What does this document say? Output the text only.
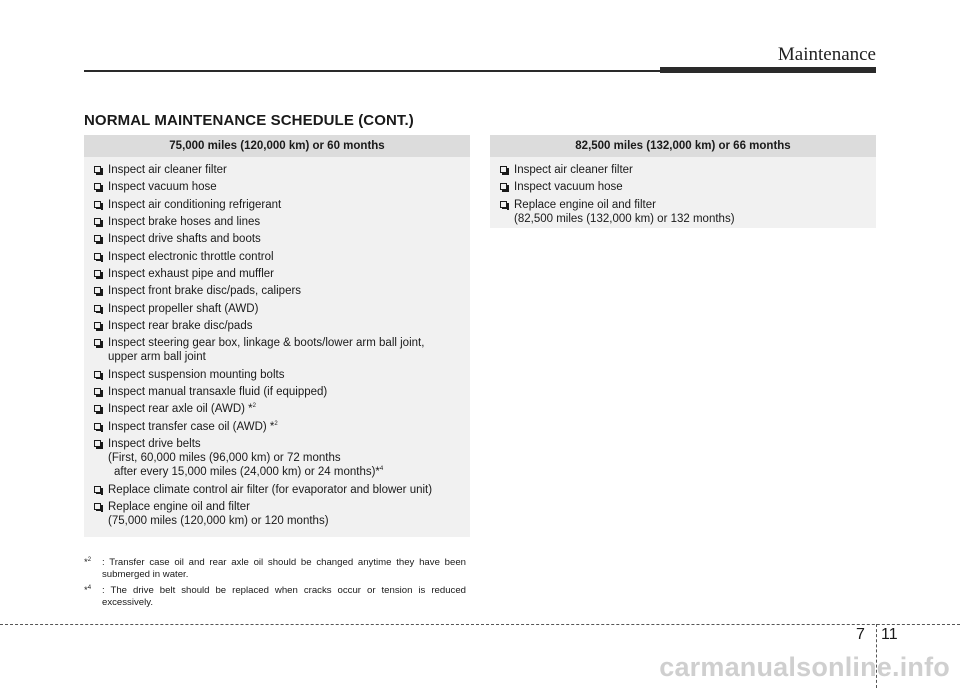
Maintenance
NORMAL MAINTENANCE SCHEDULE (CONT.)
75,000 miles (120,000 km) or 60 months
Inspect air cleaner filter
Inspect vacuum hose
Inspect air conditioning refrigerant
Inspect brake hoses and lines
Inspect drive shafts and boots
Inspect electronic throttle control
Inspect exhaust pipe and muffler
Inspect front brake disc/pads, calipers
Inspect propeller shaft (AWD)
Inspect rear brake disc/pads
Inspect steering gear box, linkage & boots/lower arm ball joint,
upper arm ball joint
Inspect suspension mounting bolts
Inspect manual transaxle fluid (if equipped)
Inspect rear axle oil (AWD) *$^2$
Inspect transfer case oil (AWD) *$^2$
Inspect drive belts
(First, 60,000 miles (96,000 km) or 72 months
after every 15,000 miles (24,000 km) or 24 months)*$^4$
Replace climate control air filter (for evaporator and blower unit)
Replace engine oil and filter
(75,000 miles (120,000 km) or 120 months)
82,500 miles (132,000 km) or 66 months
Inspect air cleaner filter
Inspect vacuum hose
Replace engine oil and filter
(82,500 miles (132,000 km) or 132 months)
*$^2$ : Transfer case oil and rear axle oil should be changed anytime they have been submerged in water.
*$^4$ : The drive belt should be replaced when cracks occur or tension is reduced excessively.
7 11
carmanualsonline.info
